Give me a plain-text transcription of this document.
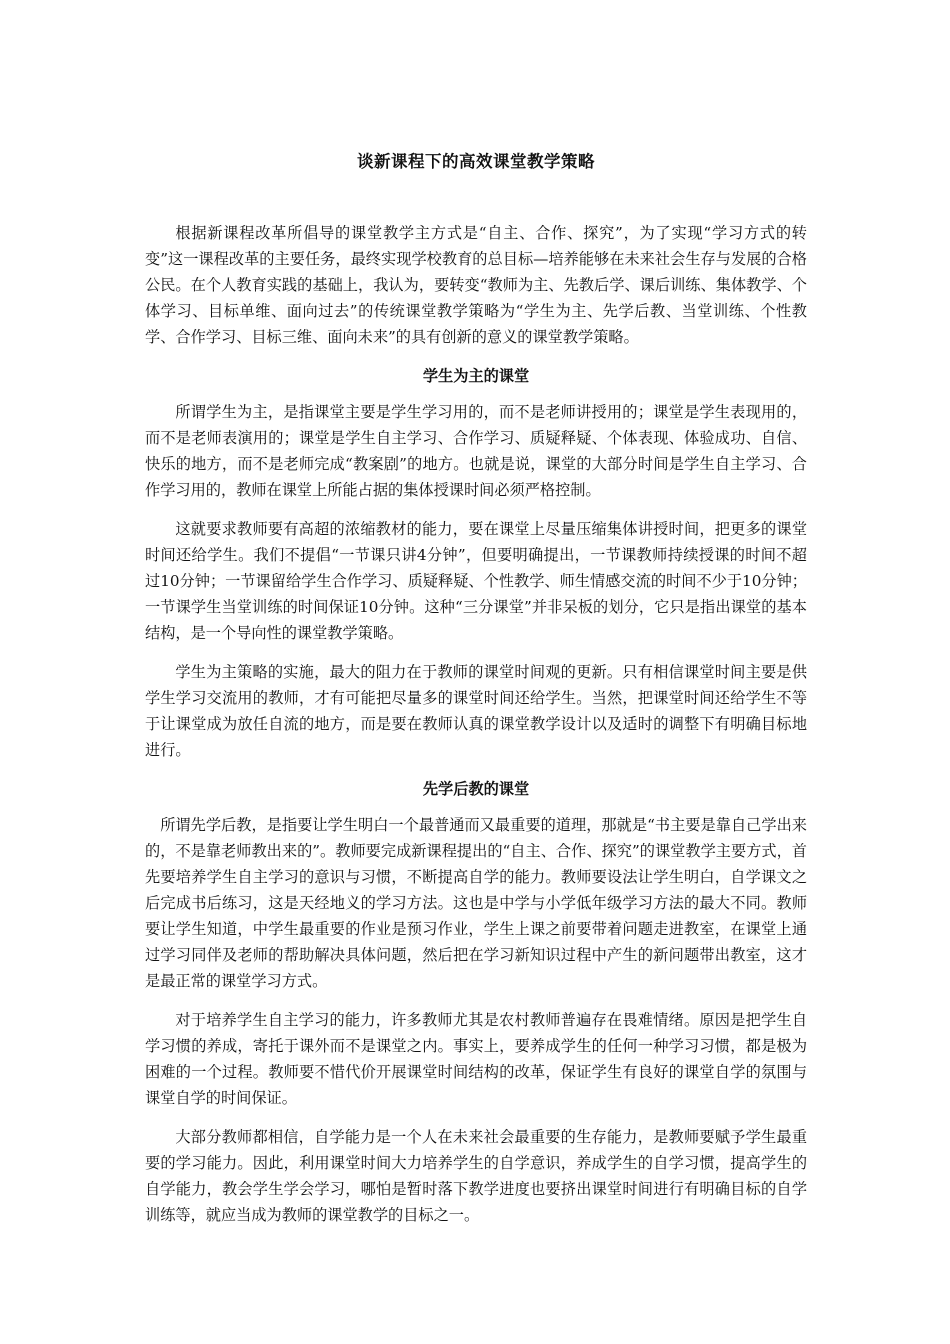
谈新课程下的高效课堂教学策略

根据新课程改革所倡导的课堂教学主方式是“自主、合作、探究”，为了实现“学习方式的转变”这一课程改革的主要任务，最终实现学校教育的总目标—培养能够在未来社会生存与发展的合格公民。在个人教育实践的基础上，我认为，要转变“教师为主、先教后学、课后训练、集体教学、个体学习、目标单维、面向过去”的传统课堂教学策略为“学生为主、先学后教、当堂训练、个性教学、合作学习、目标三维、面向未来”的具有创新的意义的课堂教学策略。

学生为主的课堂

所谓学生为主，是指课堂主要是学生学习用的，而不是老师讲授用的；课堂是学生表现用的，而不是老师表演用的；课堂是学生自主学习、合作学习、质疑释疑、个体表现、体验成功、自信、快乐的地方，而不是老师完成“教案剧”的地方。也就是说，课堂的大部分时间是学生自主学习、合作学习用的，教师在课堂上所能占据的集体授课时间必须严格控制。

这就要求教师要有高超的浓缩教材的能力，要在课堂上尽量压缩集体讲授时间，把更多的课堂时间还给学生。我们不提倡“一节课只讲4分钟”，但要明确提出，一节课教师持续授课的时间不超过10分钟；一节课留给学生合作学习、质疑释疑、个性教学、师生情感交流的时间不少于10分钟；一节课学生当堂训练的时间保证10分钟。这种“三分课堂”并非呆板的划分，它只是指出课堂的基本结构，是一个导向性的课堂教学策略。

学生为主策略的实施，最大的阻力在于教师的课堂时间观的更新。只有相信课堂时间主要是供学生学习交流用的教师，才有可能把尽量多的课堂时间还给学生。当然，把课堂时间还给学生不等于让课堂成为放任自流的地方，而是要在教师认真的课堂教学设计以及适时的调整下有明确目标地进行。

先学后教的课堂

所谓先学后教，是指要让学生明白一个最普通而又最重要的道理，那就是“书主要是靠自己学出来的，不是靠老师教出来的”。教师要完成新课程提出的“自主、合作、探究”的课堂教学主要方式，首先要培养学生自主学习的意识与习惯，不断提高自学的能力。教师要设法让学生明白，自学课文之后完成书后练习，这是天经地义的学习方法。这也是中学与小学低年级学习方法的最大不同。教师要让学生知道，中学生最重要的作业是预习作业，学生上课之前要带着问题走进教室，在课堂上通过学习同伴及老师的帮助解决具体问题，然后把在学习新知识过程中产生的新问题带出教室，这才是最正常的课堂学习方式。

对于培养学生自主学习的能力，许多教师尤其是农村教师普遍存在畏难情绪。原因是把学生自学习惯的养成，寄托于课外而不是课堂之内。事实上，要养成学生的任何一种学习习惯，都是极为困难的一个过程。教师要不惜代价开展课堂时间结构的改革，保证学生有良好的课堂自学的氛围与课堂自学的时间保证。

大部分教师都相信，自学能力是一个人在未来社会最重要的生存能力，是教师要赋予学生最重要的学习能力。因此，利用课堂时间大力培养学生的自学意识，养成学生的自学习惯，提高学生的自学能力，教会学生学会学习，哪怕是暂时落下教学进度也要挤出课堂时间进行有明确目标的自学训练等，就应当成为教师的课堂教学的目标之一。
